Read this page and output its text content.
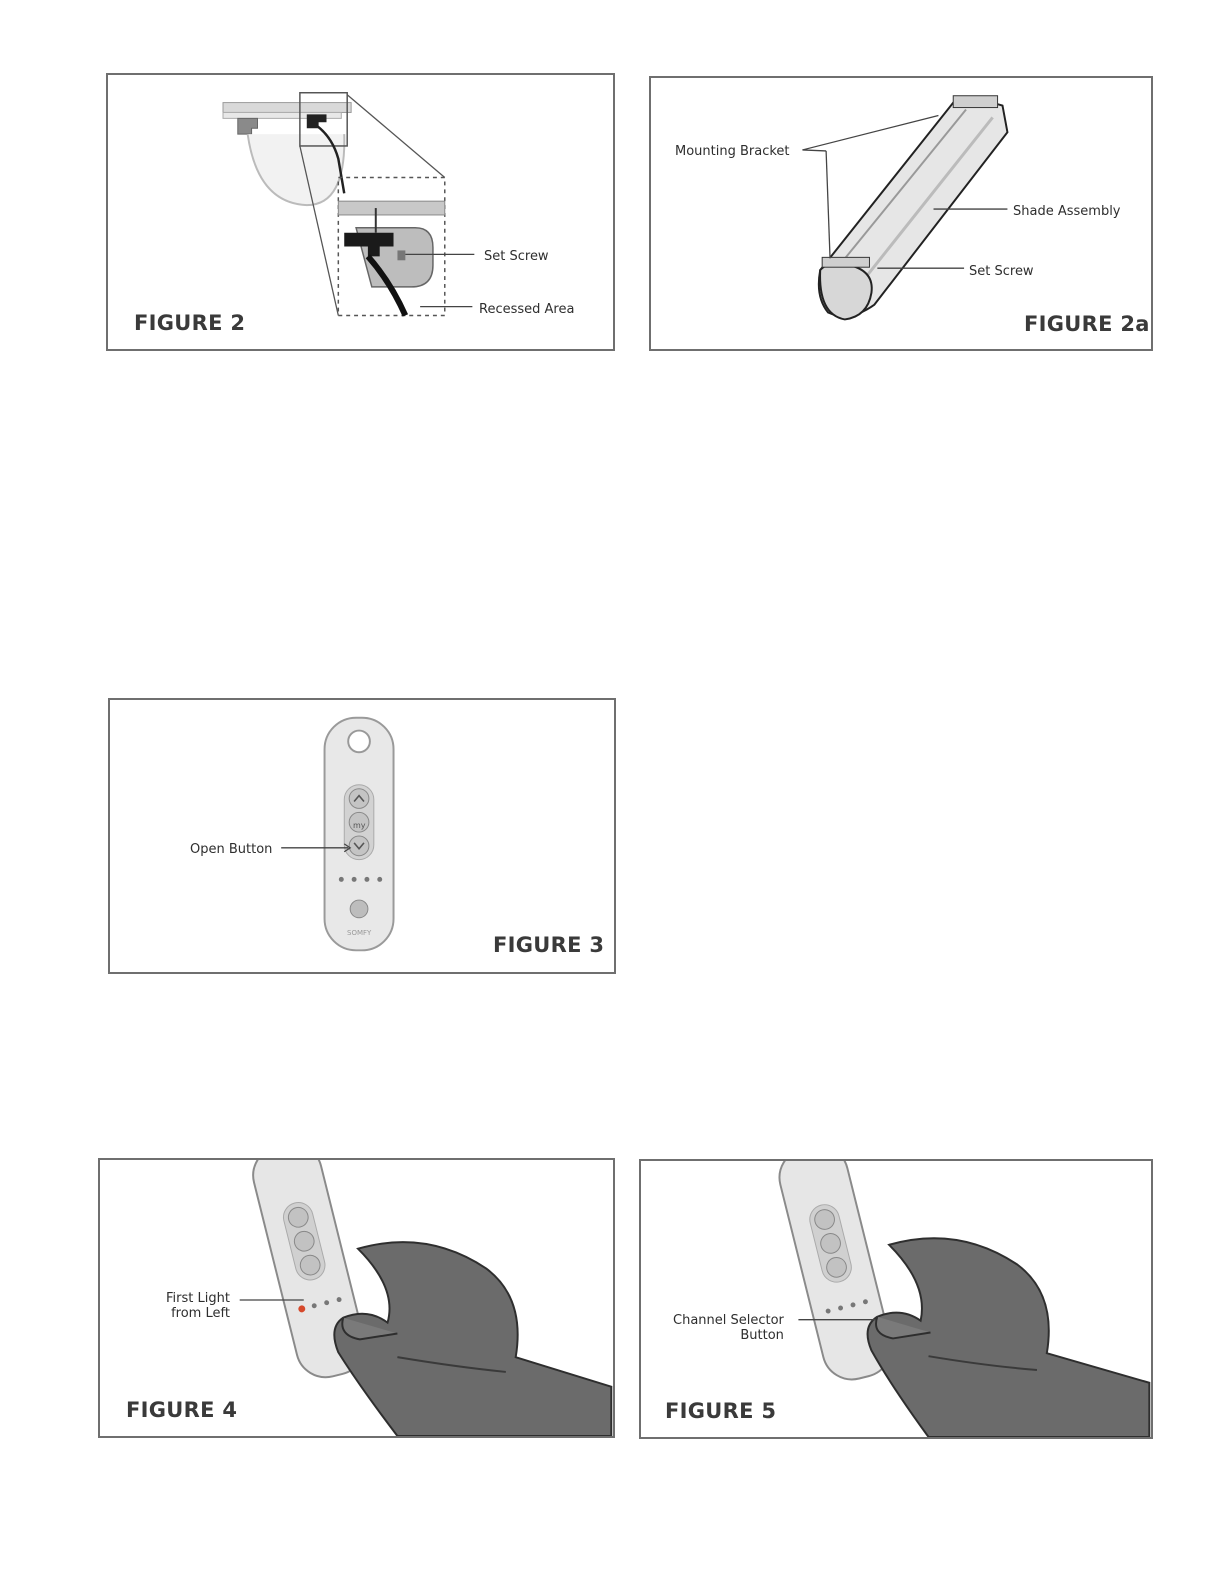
Set Screw
Recessed Area
FIGURE 2
Mounting Bracket
Shade Assembly
Set Screw
FIGURE 2a
my
SOMFY
Open Button
FIGURE 3
First Light
from Left
FIGURE 4
Channel Selector
Button
FIGURE 5
